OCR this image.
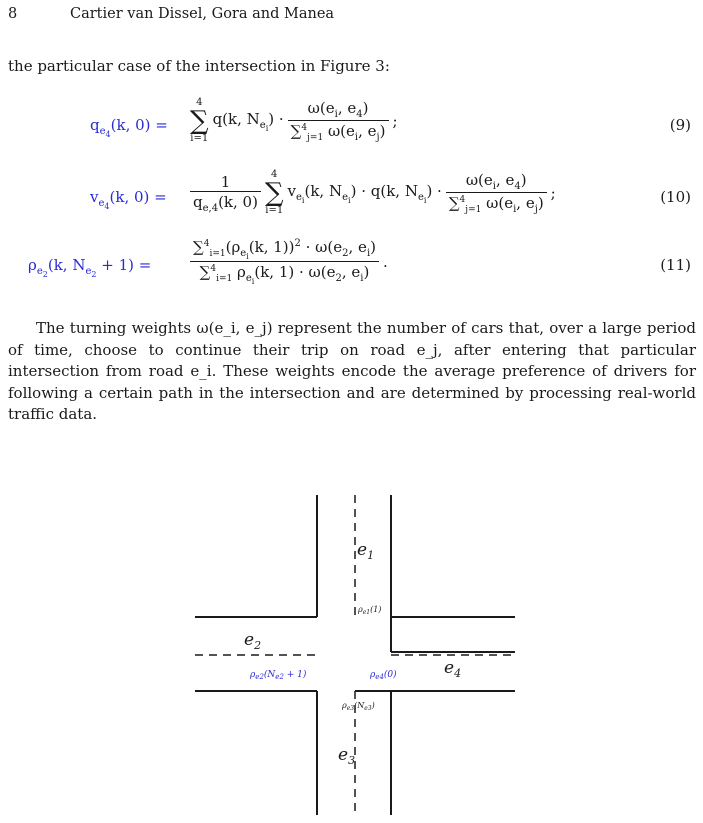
8	Cartier van Dissel, Gora and Manea
the particular case of the intersection in Figure 3:
$q_{e_4}(k$, 0) =
4
∑
i=1
q(k, $N_{e_i}) \cdot \frac{\omega(e_i, e_4)}{\sum^4_{j=1} \omega(e_i, e_j)}$ ;	(9)
$v_{e_4}(k$, $0) = \frac{1}{q_{e,4}(k, 0)}$	4
∑
i=1
$v_{e_i}(k$, $N_{e_i}) \cdot q(k$, $N_{e_i}) \cdot \frac{\omega(e_i, e_4)}{\sum^4_{j=1} \omega(e_i, e_j)}$ ;	(10)
$\rho_{e_2}(k$, $N_{e_2} + 1$) =	$\frac{\sum^4_{i=1}(\rho_{e_i}(k, 1))^2 \cdot \omega(e_2, e_i)}{\sum^4_{i=1} \rho_{e_i}(k, 1) \cdot \omega(e_2, e_i)}$ .	(11)

The turning weights ω(e_i, e_j) represent the number of cars that, over a large period of time, choose to continue their trip on road e_j, after entering that particular intersection from road e_i. These weights encode the average preference of drivers for following a certain path in the intersection and are determined by processing real-world traffic data.

$e_1$
$e_2$
$e_3$
$e_4$
$\rho_{e1}(1)$
$\rho_{e3}(N_{e3})$
$\rho_{e2}(N_{e2} + 1)$	$\rho_{e4}(0)$
